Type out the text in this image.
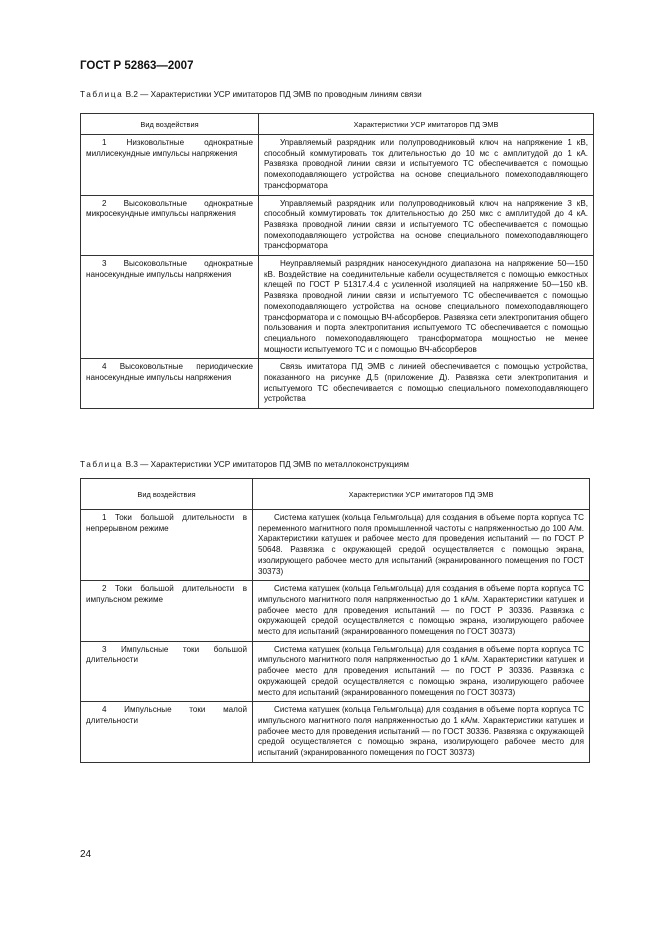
ГОСТ Р 52863—2007
Таблица В.2 — Характеристики УСР имитаторов ПД ЭМВ по проводным линиям связи
Вид воздействия	Характеристики УСР имитаторов ПД ЭМВ
1 Низковольтные однократные миллисекундные импульсы напряжения	Управляемый разрядник или полупроводниковый ключ на напряжение 1 кВ, способный коммутировать ток длительностью до 10 мс с амплитудой до 1 кА. Развязка проводной линии связи и испытуемого ТС обеспечивается с помощью помехоподавляющего устройства на основе специального помехоподавляющего трансформатора
2 Высоковольтные однократные микросекундные импульсы напряжения	Управляемый разрядник или полупроводниковый ключ на напряжение 3 кВ, способный коммутировать ток длительностью до 250 мкс с амплитудой до 4 кА. Развязка проводной линии связи и испытуемого ТС обеспечивается с помощью помехоподавляющего устройства на основе специального помехоподавляющего трансформатора
3 Высоковольтные однократные наносекундные импульсы напряжения	Неуправляемый разрядник наносекундного диапазона на напряжение 50—150 кВ. Воздействие на соединительные кабели осуществляется с помощью емкостных клещей по ГОСТ Р 51317.4.4 с усиленной изоляцией на напряжение 50—150 кВ. Развязка проводной линии связи и испытуемого ТС обеспечивается с помощью помехоподавляющего устройства на основе специального помехоподавляющего трансформатора и с помощью ВЧ-абсорберов. Развязка сети электропитания общего пользования и порта электропитания испытуемого ТС обеспечивается с помощью специального помехоподавляющего трансформатора мощностью не менее мощности испытуемого ТС и с помощью ВЧ-абсорберов
4 Высоковольтные периодические наносекундные импульсы напряжения	Связь имитатора ПД ЭМВ с линией обеспечивается с помощью устройства, показанного на рисунке Д.5 (приложение Д). Развязка сети электропитания и испытуемого ТС обеспечивается с помощью специального помехоподавляющего устройства
Таблица В.3 — Характеристики УСР имитаторов ПД ЭМВ по металлоконструкциям
Вид воздействия	Характеристики УСР имитаторов ПД ЭМВ
1 Токи большой длительности в непрерывном режиме	Система катушек (кольца Гельмгольца) для создания в объеме порта корпуса ТС переменного магнитного поля промышленной частоты с напряженностью до 100 А/м. Характеристики катушек и рабочее место для проведения испытаний — по ГОСТ Р 50648. Развязка с окружающей средой осуществляется с помощью экрана, изолирующего рабочее место для испытаний (экранированного помещения по ГОСТ 30373)
2 Токи большой длительности в импульсном режиме	Система катушек (кольца Гельмгольца) для создания в объеме порта корпуса ТС импульсного магнитного поля напряженностью до 1 кА/м. Характеристики катушек и рабочее место для проведения испытаний — по ГОСТ Р 30336. Развязка с окружающей средой осуществляется с помощью экрана, изолирующего рабочее место для испытаний (экранированного помещения по ГОСТ 30373)
3 Импульсные токи большой длительности	Система катушек (кольца Гельмгольца) для создания в объеме порта корпуса ТС импульсного магнитного поля напряженностью до 1 кА/м. Характеристики катушек и рабочее место для проведения испытаний — по ГОСТ Р 30336. Развязка с окружающей средой осуществляется с помощью экрана, изолирующего рабочее место для испытаний (экранированного помещения по ГОСТ 30373)
4 Импульсные токи малой длительности	Система катушек (кольца Гельмгольца) для создания в объеме порта корпуса ТС импульсного магнитного поля напряженностью до 1 кА/м. Характеристики катушек и рабочее место для проведения испытаний — по ГОСТ 30336. Развязка с окружающей средой осуществляется с помощью экрана, изолирующего рабочее место для испытаний (экранированного помещения по ГОСТ 30373)
24
